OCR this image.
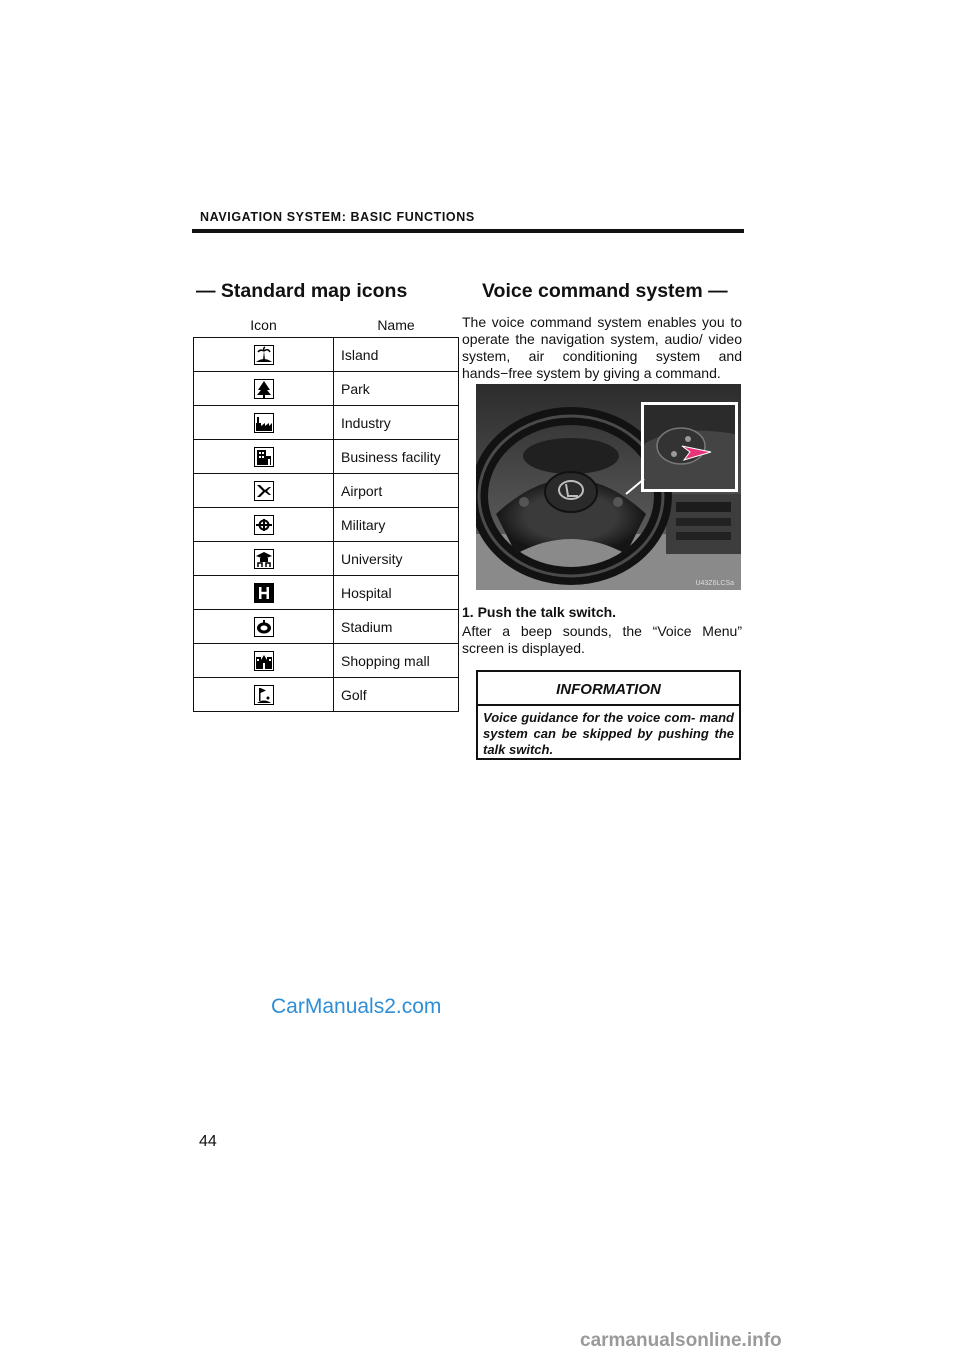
NAVIGATION SYSTEM: BASIC FUNCTIONS
— Standard map icons	Voice command system —
Icon	Name
	Island
	Park
	Industry
	Business facility
	Airport
	Military
	University
	Hospital
	Stadium
	Shopping mall
	Golf
The voice command system enables you to operate the navigation system, audio/ video system, air conditioning system and hands−free system by giving a command.
U43Z6LCSa
1. Push the talk switch.
After a beep sounds, the “Voice Menu” screen is displayed.
INFORMATION
Voice guidance for the voice com- mand system can be skipped by pushing the talk switch.
CarManuals2.com
44
carmanualsonline.info
